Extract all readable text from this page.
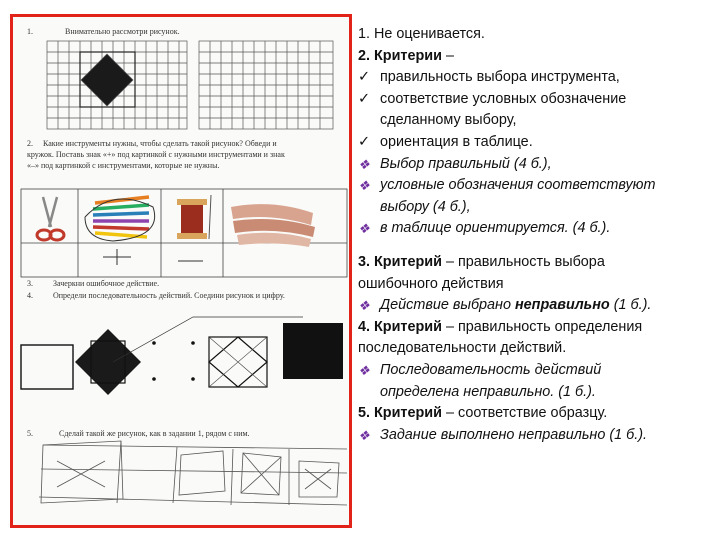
1.	Внимательно рассмотри рисунок.
2. Какие инструменты нужны, чтобы сделать такой рисунок? Обведи и
кружок. Поставь знак «+» под картинкой с нужными инструментами и знак
«–» под картинкой с инструментами, которые не нужны.
3.	Зачеркни ошибочное действие.
4.	Определи последовательность действий. Соедини рисунок и цифру.
5.	Сделай такой же рисунок, как в задании 1, рядом с ним.
1. Не оценивается.
2. Критерии –
✓ правильность выбора инструмента,
✓ соответствие условных обозначение
сделанному выбору,
✓ ориентация в таблице.
❖ Выбор правильный (4 б.),
❖ условные обозначения соответствуют
выбору (4 б.),
❖ в таблице ориентируется. (4 б.).
3. Критерий – правильность выбора
ошибочного действия
❖ Действие выбрано неправильно (1 б.).
4. Критерий – правильность определения
последовательности действий.
❖ Последовательность действий
определена неправильно. (1 б.).
5. Критерий – соответствие образцу.
❖ Задание выполнено неправильно (1 б.).
